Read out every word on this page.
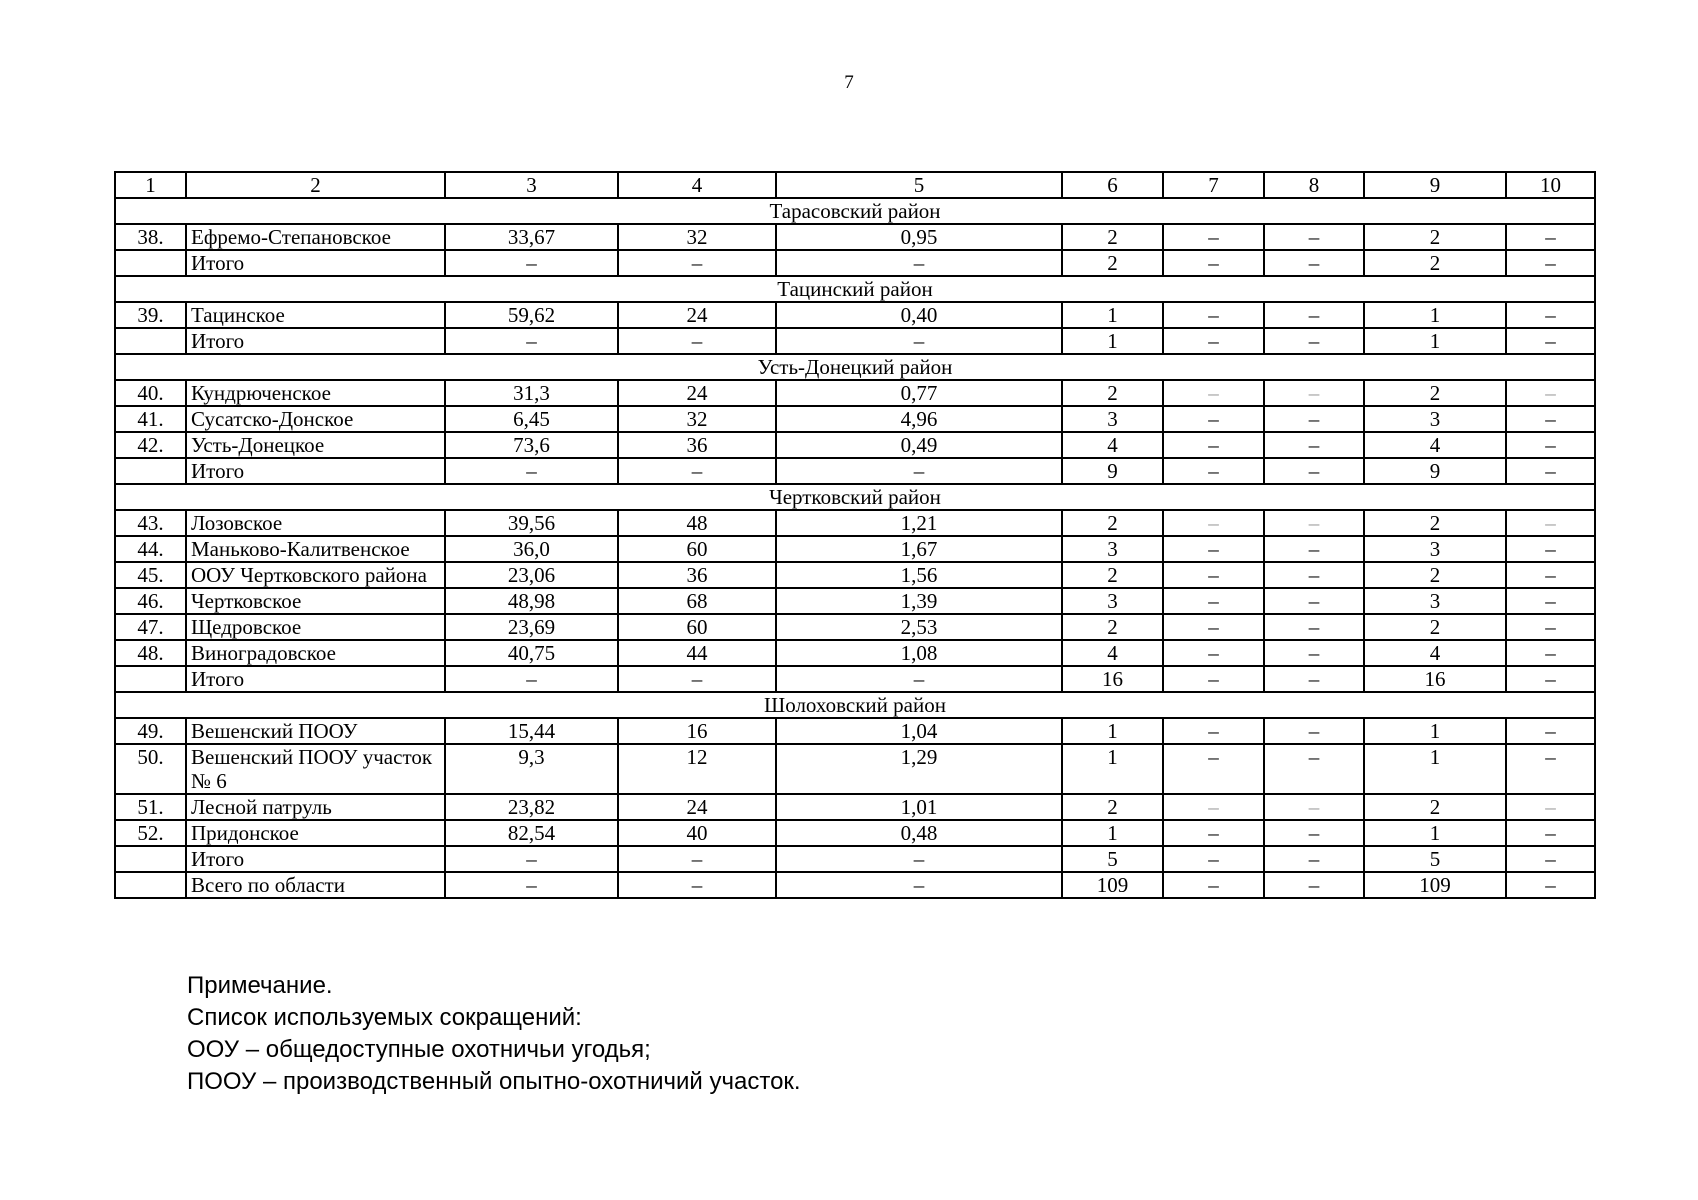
7
1	2	3	4	5	6	7	8	9	10
Тарасовский район									
38.	Ефремо-Степановское	33,67	32	0,95	2	–	–	2	–
	Итого	–	–	–	2	–	–	2	–
Тацинский район									
39.	Тацинское	59,62	24	0,40	1	–	–	1	–
	Итого	–	–	–	1	–	–	1	–
Усть-Донецкий район									
40.	Кундрюченское	31,3	24	0,77	2	–	–	2	–
41.	Сусатско-Донское	6,45	32	4,96	3	–	–	3	–
42.	Усть-Донецкое	73,6	36	0,49	4	–	–	4	–
	Итого	–	–	–	9	–	–	9	–
Чертковский район									
43.	Лозовское	39,56	48	1,21	2	–	–	2	–
44.	Маньково-Калитвенское	36,0	60	1,67	3	–	–	3	–
45.	ООУ Чертковского района	23,06	36	1,56	2	–	–	2	–
46.	Чертковское	48,98	68	1,39	3	–	–	3	–
47.	Щедровское	23,69	60	2,53	2	–	–	2	–
48.	Виноградовское	40,75	44	1,08	4	–	–	4	–
	Итого	–	–	–	16	–	–	16	–
Шолоховский район									
49.	Вешенский ПООУ	15,44	16	1,04	1	–	–	1	–
50.	Вешенский ПООУ участок № 6	9,3	12	1,29	1	–	–	1	–
51.	Лесной патруль	23,82	24	1,01	2	–	–	2	–
52.	Придонское	82,54	40	0,48	1	–	–	1	–
	Итого	–	–	–	5	–	–	5	–
	Всего по области	–	–	–	109	–	–	109	–
Примечание.
Список используемых сокращений:
ООУ – общедоступные охотничьи угодья;
ПООУ – производственный опытно-охотничий участок.
